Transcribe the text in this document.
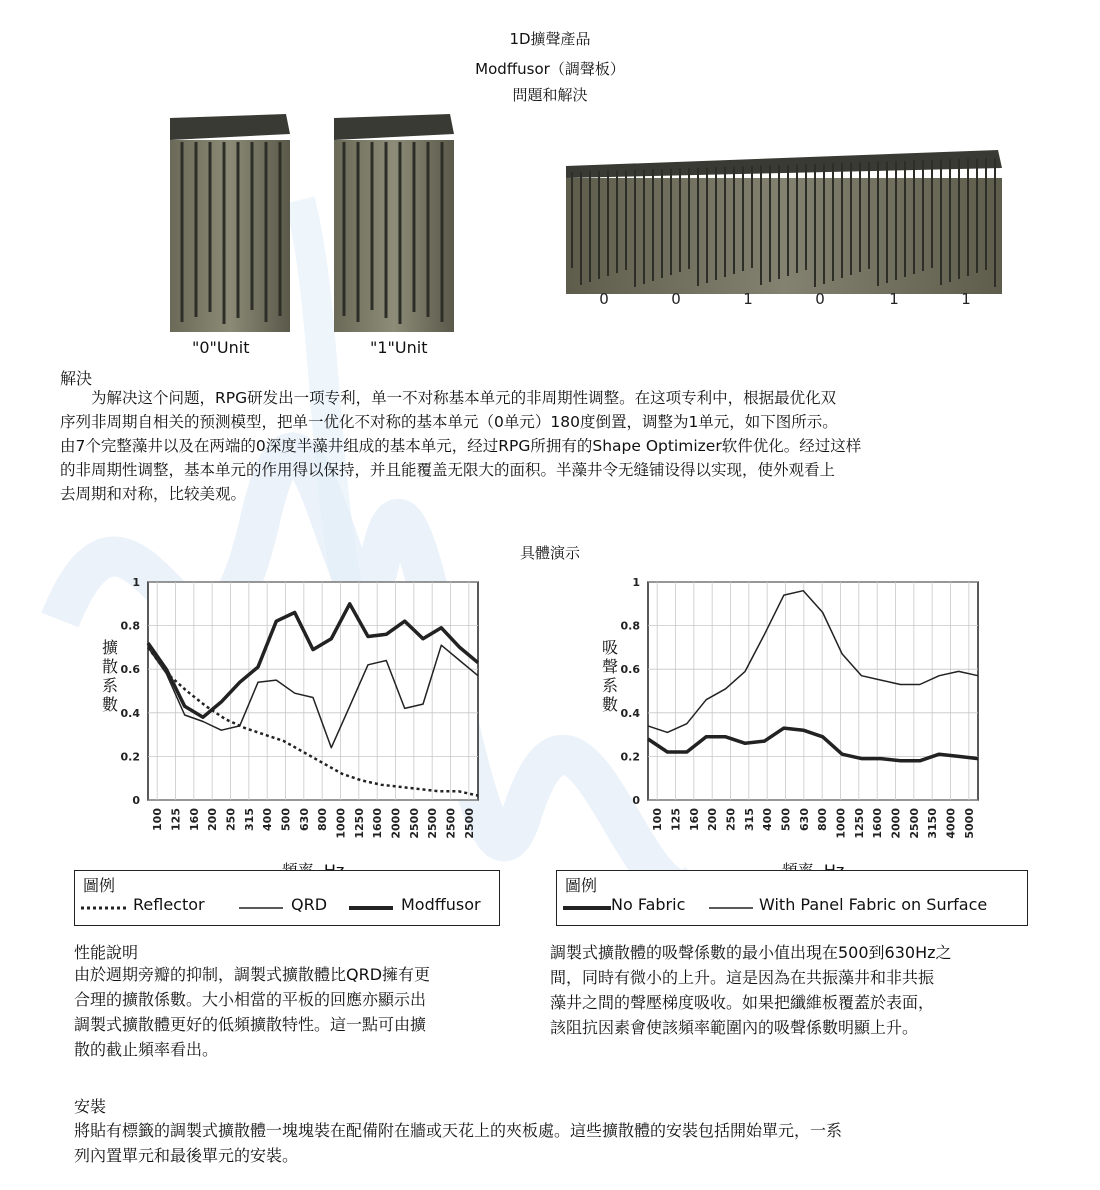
1D擴聲產品
Modffusor（調聲板）
問題和解決
"0"Unit	"1"Unit
0	0	1	0	1	1
解決
　　为解决这个问题，RPG研发出一项专利，单一不对称基本单元的非周期性调整。在这项专利中，根据最优化双
序列非周期自相关的预测模型，把单一优化不对称的基本单元（0单元）180度倒置，调整为1单元，如下图所示。
由7个完整藻井以及在两端的0深度半藻井组成的基本单元，经过RPG所拥有的Shape Optimizer软件优化。经过这样
的非周期性调整，基本单元的作用得以保持，并且能覆盖无限大的面积。半藻井令无缝铺设得以实现，使外观看上
去周期和对称，比较美观。
具體演示
0
0.2
0.4
0.6
0.8
1
100 125 160 200 250 315 400 500 630 800 1000 1250 1600 2000 2500 2500 2500 2500
擴散系數
0
0.2
0.4
0.6
0.8
1
100 125 160 200 250 315 400 500 630 800 1000 1250 1600 2000 2500 3150 4000 5000
吸聲系數
圖例
Reflector	QRD	Modffusor
圖例
No Fabric	With Panel Fabric on Surface
性能說明
由於週期旁瓣的抑制，調製式擴散體比QRD擁有更
合理的擴散係數。大小相當的平板的回應亦顯示出
調製式擴散體更好的低頻擴散特性。這一點可由擴
散的截止頻率看出。
調製式擴散體的吸聲係數的最小值出現在500到630Hz之
間，同時有微小的上升。這是因為在共振藻井和非共振
藻井之間的聲壓梯度吸收。如果把纖維板覆蓋於表面，
該阻抗因素會使該頻率範圍內的吸聲係數明顯上升。
安裝
將貼有標籤的調製式擴散體一塊塊裝在配備附在牆或天花上的夾板處。這些擴散體的安裝包括開始單元，一系
列內置單元和最後單元的安裝。
